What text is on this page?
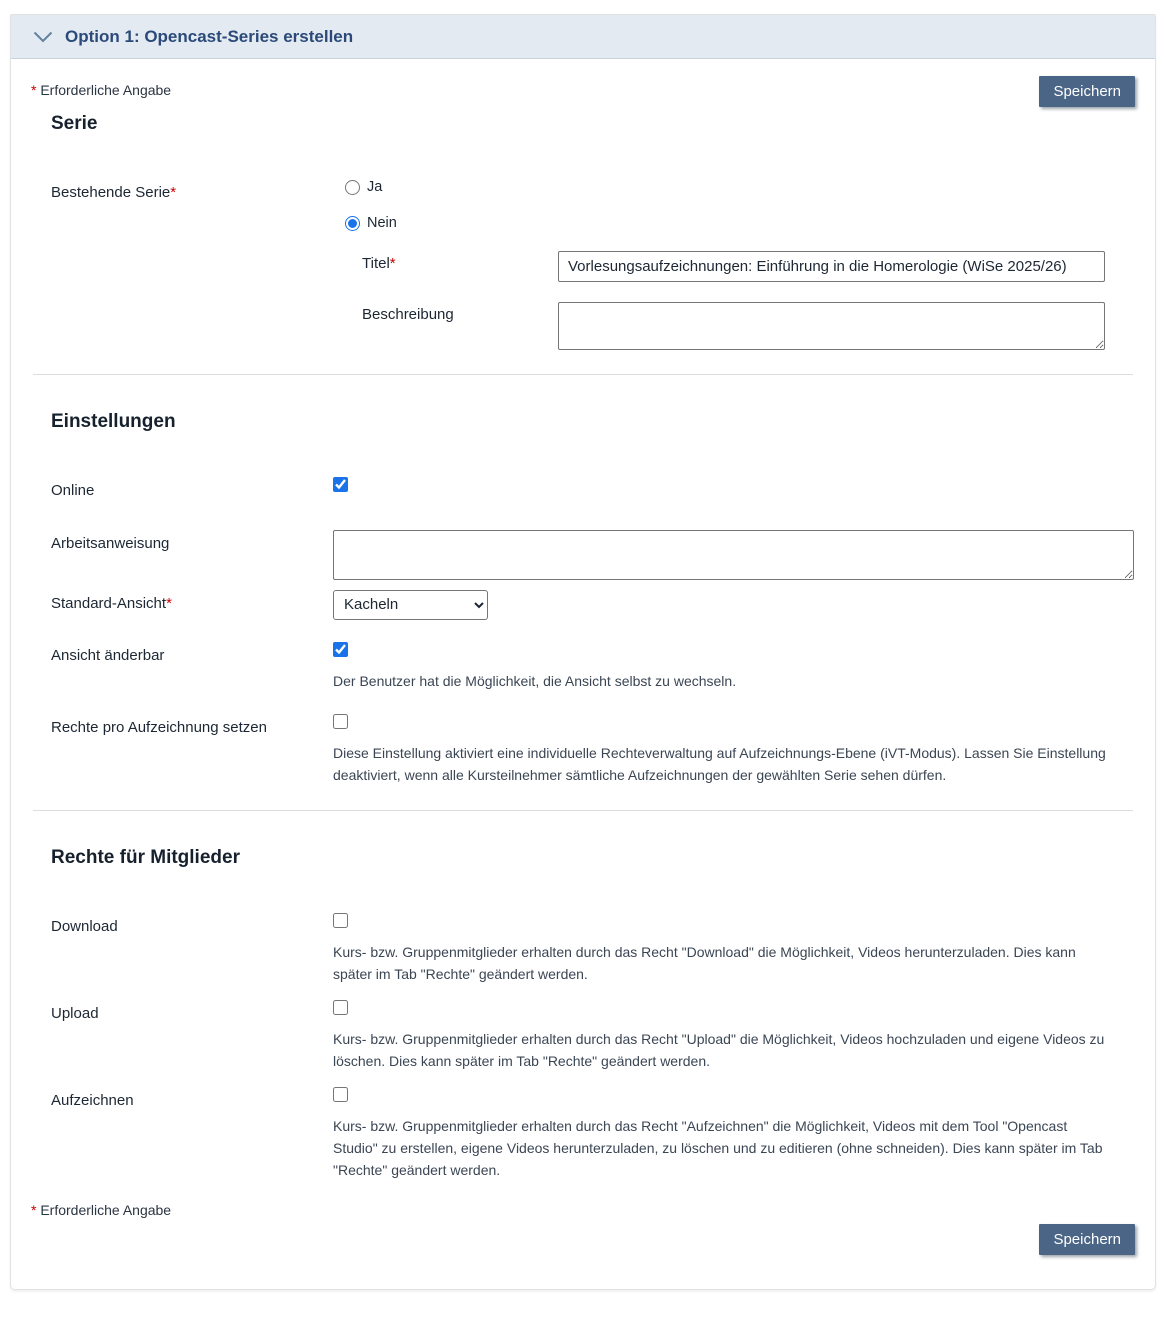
Option 1: Opencast-Series erstellen
* Erforderliche Angabe	Speichern
Serie
Bestehende Serie*	Ja
Nein
Titel*
Vorlesungsaufzeichnungen: Einführung in die Homerologie (WiSe 2025/26)
Beschreibung
Einstellungen
Online
Arbeitsanweisung
Standard-Ansicht*
Kacheln
Ansicht änderbar
Der Benutzer hat die Möglichkeit, die Ansicht selbst zu wechseln.
Rechte pro Aufzeichnung setzen
Diese Einstellung aktiviert eine individuelle Rechteverwaltung auf Aufzeichnungs-Ebene (iVT-Modus). Lassen Sie Einstellung deaktiviert, wenn alle Kursteilnehmer sämtliche Aufzeichnungen der gewählten Serie sehen dürfen.
Rechte für Mitglieder
Download
Kurs- bzw. Gruppenmitglieder erhalten durch das Recht "Download" die Möglichkeit, Videos herunterzuladen. Dies kann später im Tab "Rechte" geändert werden.
Upload
Kurs- bzw. Gruppenmitglieder erhalten durch das Recht "Upload" die Möglichkeit, Videos hochzuladen und eigene Videos zu löschen. Dies kann später im Tab "Rechte" geändert werden.
Aufzeichnen
Kurs- bzw. Gruppenmitglieder erhalten durch das Recht "Aufzeichnen" die Möglichkeit, Videos mit dem Tool "Opencast Studio" zu erstellen, eigene Videos herunterzuladen, zu löschen und zu editieren (ohne schneiden). Dies kann später im Tab "Rechte" geändert werden.
* Erforderliche Angabe
Speichern
